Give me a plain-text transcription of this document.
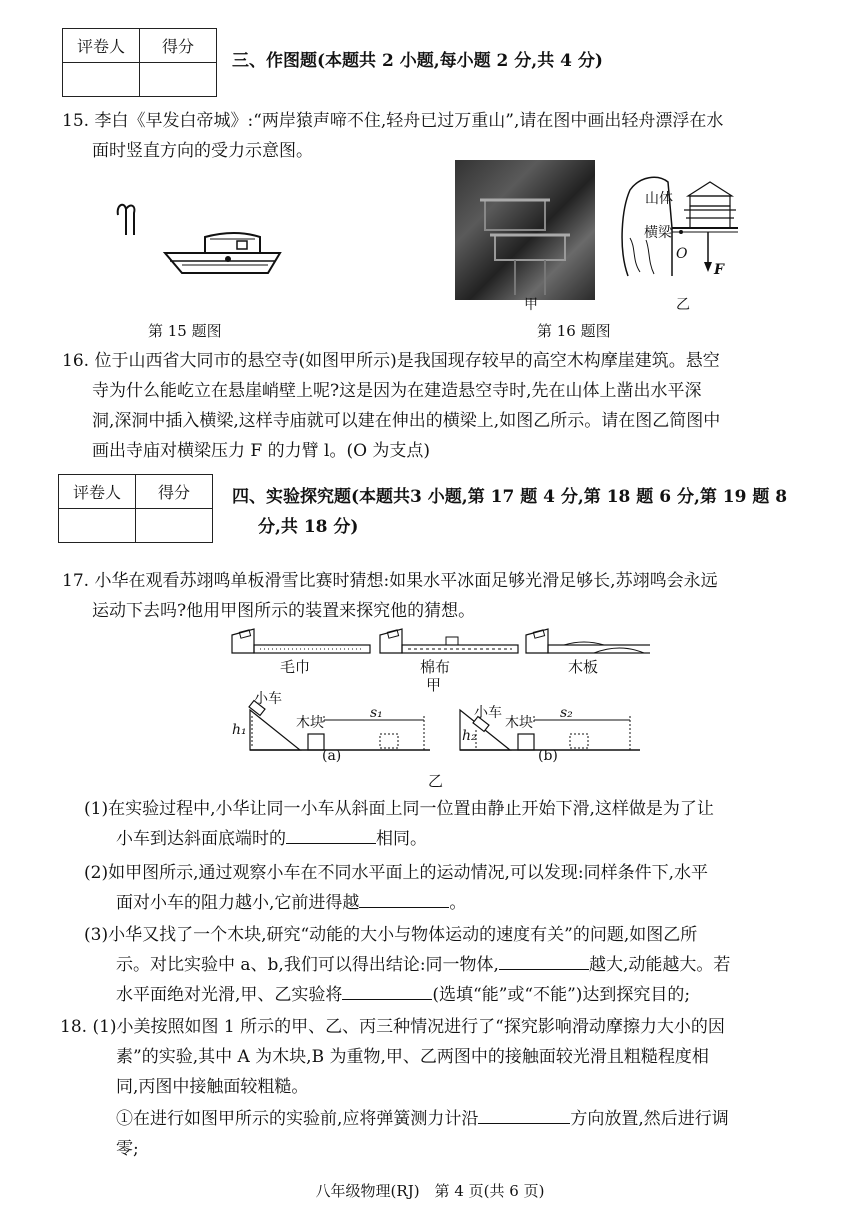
评卷人	得分

三、作图题(本题共 2 小题,每小题 2 分,共 4 分)
15. 李白《早发白帝城》:“两岸猿声啼不住,轻舟已过万重山”,请在图中画出轻舟漂浮在水
面时竖直方向的受力示意图。
第 15 题图
甲
山体
横梁
O
F
乙
第 16 题图
16. 位于山西省大同市的悬空寺(如图甲所示)是我国现存较早的高空木构摩崖建筑。悬空
寺为什么能屹立在悬崖峭壁上呢?这是因为在建造悬空寺时,先在山体上凿出水平深
洞,深洞中插入横梁,这样寺庙就可以建在伸出的横梁上,如图乙所示。请在图乙简图中
画出寺庙对横梁压力 F 的力臂 l。(O 为支点)
评卷人	得分
	四、实验探究题(本题共3 小题,第 17 题 4 分,第 18 题 6 分,第 19 题 8
分,共 18 分)
17. 小华在观看苏翊鸣单板滑雪比赛时猜想:如果水平冰面足够光滑足够长,苏翊鸣会永远
运动下去吗?他用甲图所示的装置来探究他的猜想。
毛巾	棉布	木板
甲
小车
h₁	木块
s₁
(a)
小车
h₂
木块
s₂
(b)
乙
(1)在实验过程中,小华让同一小车从斜面上同一位置由静止开始下滑,这样做是为了让
小车到达斜面底端时的	相同。
(2)如甲图所示,通过观察小车在不同水平面上的运动情况,可以发现:同样条件下,水平
面对小车的阻力越小,它前进得越	。
(3)小华又找了一个木块,研究“动能的大小与物体运动的速度有关”的问题,如图乙所
示。对比实验中 a、b,我们可以得出结论:同一物体,	越大,动能越大。若
水平面绝对光滑,甲、乙实验将	(选填“能”或“不能”)达到探究目的;
18. (1)小美按照如图 1 所示的甲、乙、丙三种情况进行了“探究影响滑动摩擦力大小的因
素”的实验,其中 A 为木块,B 为重物,甲、乙两图中的接触面较光滑且粗糙程度相
同,丙图中接触面较粗糙。
①在进行如图甲所示的实验前,应将弹簧测力计沿	方向放置,然后进行调
零;
八年级物理(RJ)　第 4 页(共 6 页)
